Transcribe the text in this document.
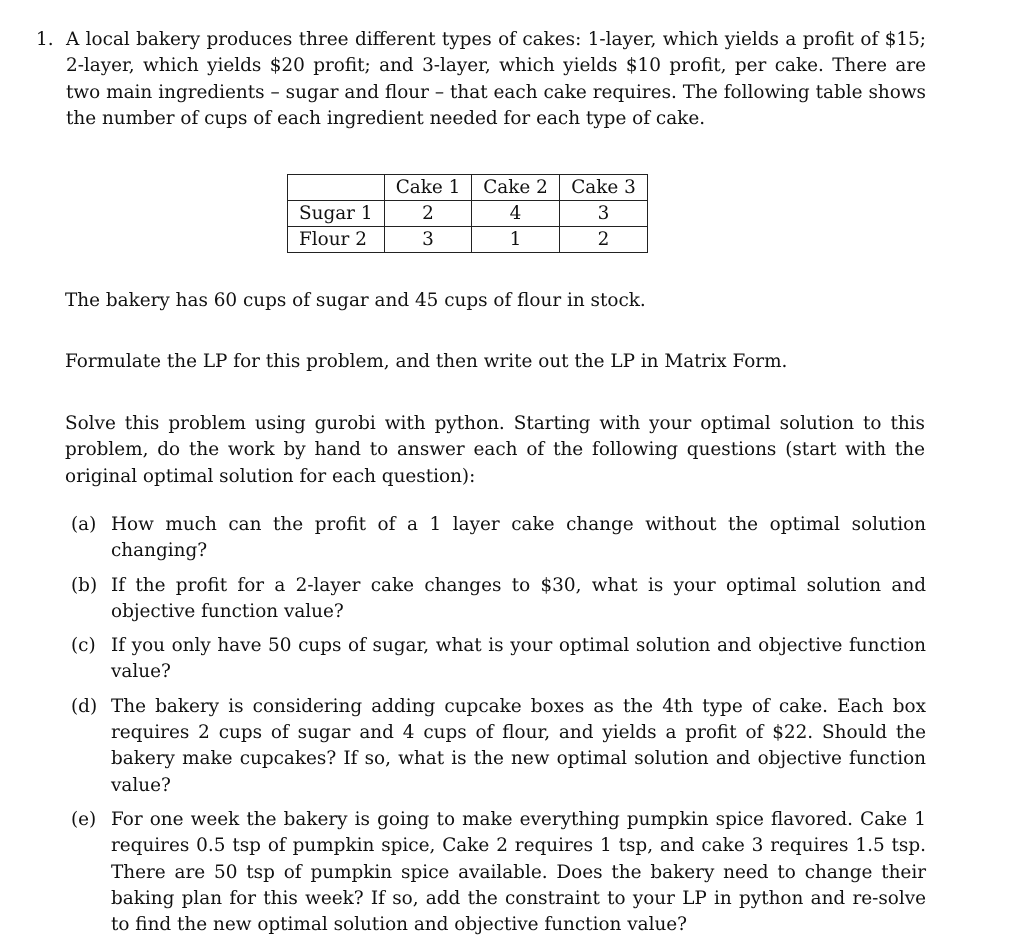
1. A local bakery produces three different types of cakes: 1-layer, which yields a profit of $15; 2-layer, which yields $20 profit; and 3-layer, which yields $10 profit, per cake. There are two main ingredients – sugar and flour – that each cake requires. The following table shows the number of cups of each ingredient needed for each type of cake.

	Cake 1	Cake 2	Cake 3
Sugar 1	2	4	3
Flour 2	3	1	2

The bakery has 60 cups of sugar and 45 cups of flour in stock.

Formulate the LP for this problem, and then write out the LP in Matrix Form.

Solve this problem using gurobi with python. Starting with your optimal solution to this problem, do the work by hand to answer each of the following questions (start with the original optimal solution for each question):

(a) How much can the profit of a 1 layer cake change without the optimal solution changing?
(b) If the profit for a 2-layer cake changes to $30, what is your optimal solution and objective function value?
(c) If you only have 50 cups of sugar, what is your optimal solution and objective function value?
(d) The bakery is considering adding cupcake boxes as the 4th type of cake. Each box requires 2 cups of sugar and 4 cups of flour, and yields a profit of $22. Should the bakery make cupcakes? If so, what is the new optimal solution and objective function value?
(e) For one week the bakery is going to make everything pumpkin spice flavored. Cake 1 requires 0.5 tsp of pumpkin spice, Cake 2 requires 1 tsp, and cake 3 requires 1.5 tsp. There are 50 tsp of pumpkin spice available. Does the bakery need to change their baking plan for this week? If so, add the constraint to your LP in python and re-solve to find the new optimal solution and objective function value?
